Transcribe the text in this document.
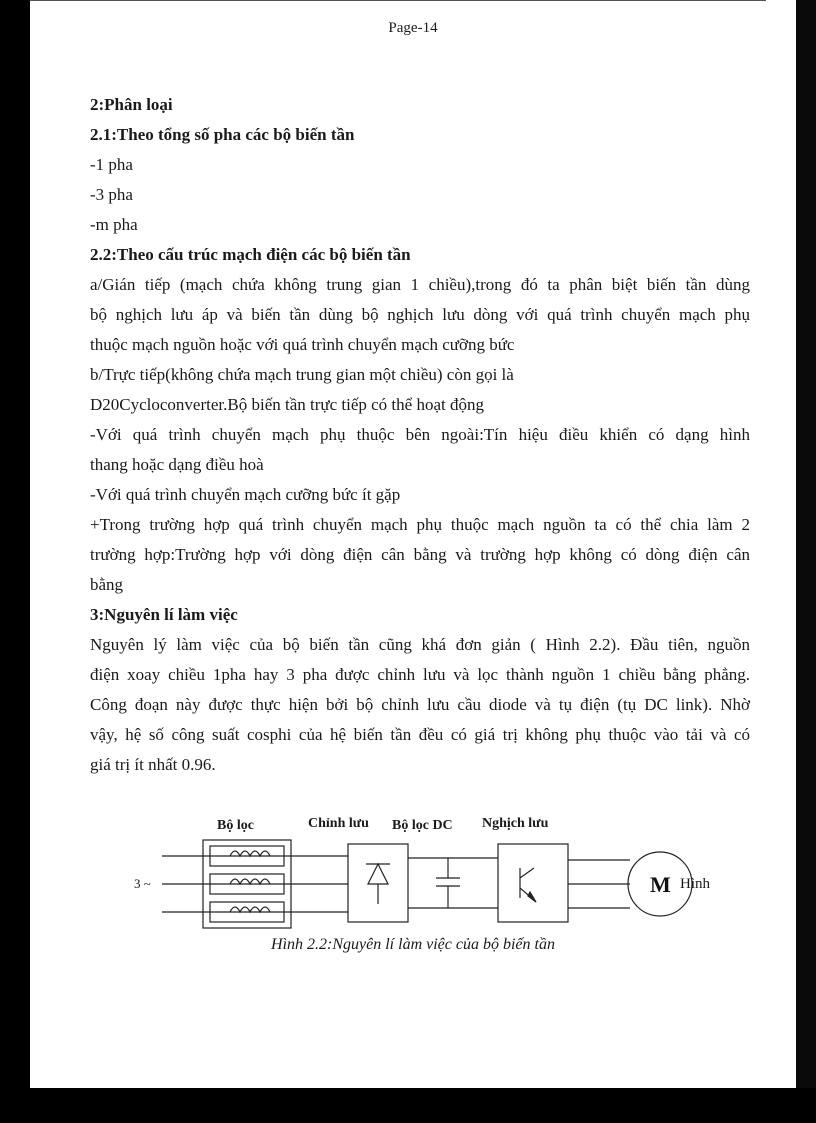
Page-14
2:Phân loại
2.1:Theo tổng số pha các bộ biến tần
-1 pha
-3 pha
-m pha
2.2:Theo cấu trúc mạch điện các bộ biến tần
a/Gián tiếp (mạch chứa không trung gian 1 chiều),trong đó ta phân biệt biến tần dùng
bộ nghịch lưu áp và biến tần dùng bộ nghịch lưu dòng với quá trình chuyển mạch phụ
thuộc mạch nguồn hoặc với quá trình chuyển mạch cưỡng bức
b/Trực tiếp(không chứa mạch trung gian một chiều) còn gọi là
D20Cycloconverter.Bộ biến tần trực tiếp có thể hoạt động
-Với quá trình chuyển mạch phụ thuộc bên ngoài:Tín hiệu điều khiển có dạng hình
thang hoặc dạng điều hoà
-Với quá trình chuyển mạch cưỡng bức ít gặp
+Trong trường hợp quá trình chuyển mạch phụ thuộc mạch nguồn ta có thể chia làm 2
trường hợp:Trường hợp với dòng điện cân bằng và trường hợp không có dòng điện cân
bằng
3:Nguyên lí làm việc
Nguyên lý làm việc của bộ biến tần cũng khá đơn giản ( Hình 2.2). Đầu tiên, nguồn
điện xoay chiều 1pha hay 3 pha được chỉnh lưu và lọc thành nguồn 1 chiều bằng phẳng.
Công đoạn này được thực hiện bởi bộ chỉnh lưu cầu diode và tụ điện (tụ DC link). Nhờ
vậy, hệ số công suất cosphi của hệ biến tần đều có giá trị không phụ thuộc vào tải và có
giá trị ít nhất 0.96.
Bộ lọc	Chỉnh lưu Bộ lọc DC Nghịch lưu
3 ~	Hình
M
Hình 2.2:Nguyên lí làm việc của bộ biến tần
